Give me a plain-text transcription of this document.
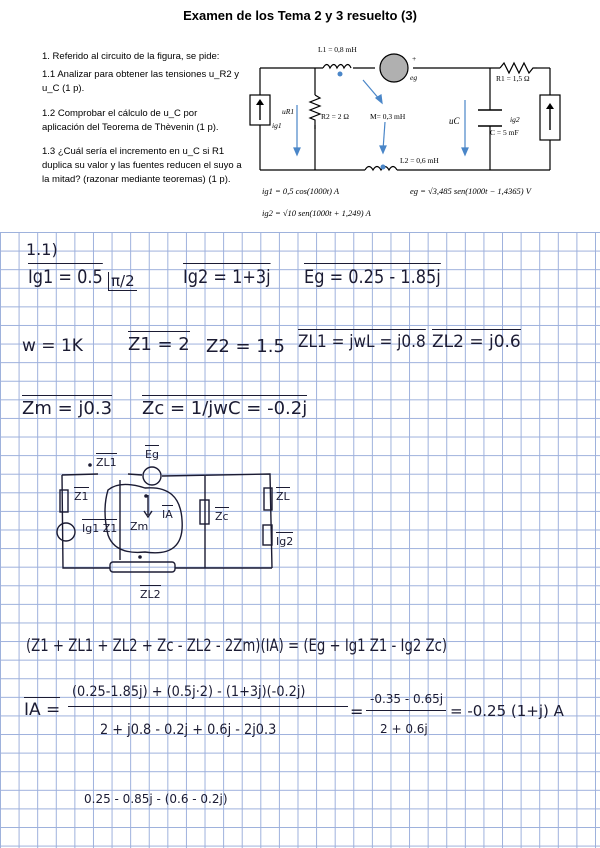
Examen de los Tema 2 y 3 resuelto (3)
1. Referido al circuito de la figura, se pide:
1.1 Analizar para obtener las tensiones u_R2 y u_C (1 p).
1.2 Comprobar el cálculo de u_C por aplicación del Teorema de Thèvenin (1 p).
1.3 ¿Cuál sería el incremento en u_C si R1 duplica su valor y las fuentes reducen el suyo a la mitad? (razonar mediante teoremas) (1 p).
L1 = 0,8 mH
+
eg	R1 = 1,5 Ω
uR1
ig1
R2 = 2 Ω	M= 0,3 mH	uC	ig2
C = 5 mF
L2 = 0,6 mH
ig1 = 0,5 cos(1000t) A	eg = √3,485 sen(1000t − 1,4365) V
ig2 = √10 sen(1000t + 1,249) A
1.1)
Ig1 = 0.5 π/2	Ig2 = 1+3j Eg = 0.25 - 1.85j
w = 1K	Z1 = 2 Z2 = 1.5 ZL1 = jwL = j0.8 ZL2 = j0.6
Zm = j0.3 Zc = 1/jwC = -0.2j
ZL1
Eg
Z1
Ig1 Z1 Zm
IA	Zc
ZL
Ig2
ZL2
(Z1 + ZL1 + ZL2 + Zc - ZL2 - 2Zm)(IA) = (Eg + Ig1 Z1 - Ig2 Zc)
IA =
(0.25-1.85j) + (0.5j·2) - (1+3j)(-0.2j)
2 + j0.8 - 0.2j + 0.6j - 2j0.3
=
-0.35 - 0.65j
2 + 0.6j
= -0.25 (1+j) A
0.25 - 0.85j - (0.6 - 0.2j)
